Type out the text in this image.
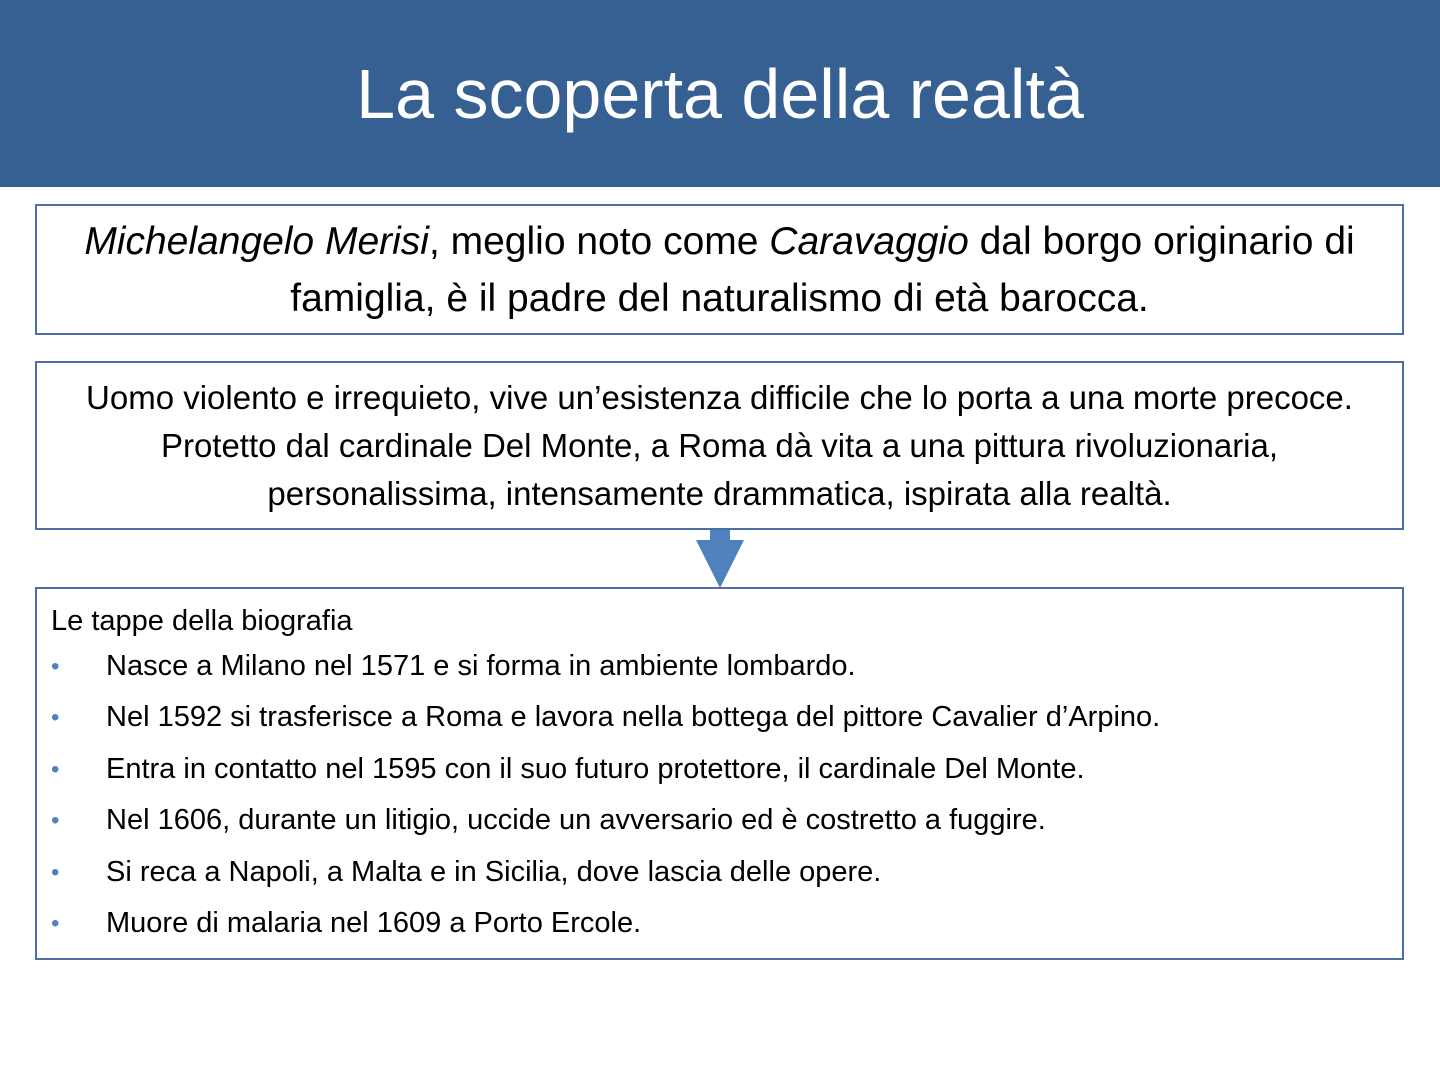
La scoperta della realtà

Michelangelo Merisi, meglio noto come Caravaggio dal borgo originario di famiglia, è il padre del naturalismo di età barocca.

Uomo violento e irrequieto, vive un’esistenza difficile che lo porta a una morte precoce. Protetto dal cardinale Del Monte, a Roma dà vita a una pittura rivoluzionaria, personalissima, intensamente drammatica, ispirata alla realtà.

Le tappe della biografia

•	Nasce a Milano nel 1571 e si forma in ambiente lombardo.
•	Nel 1592 si trasferisce a Roma e lavora nella bottega del pittore Cavalier d’Arpino.
•	Entra in contatto nel 1595 con il suo futuro protettore, il cardinale Del Monte.
•	Nel 1606, durante un litigio, uccide un avversario ed è costretto a fuggire.
•	Si reca a Napoli, a Malta e in Sicilia, dove lascia delle opere.
•	Muore di malaria nel 1609 a Porto Ercole.
